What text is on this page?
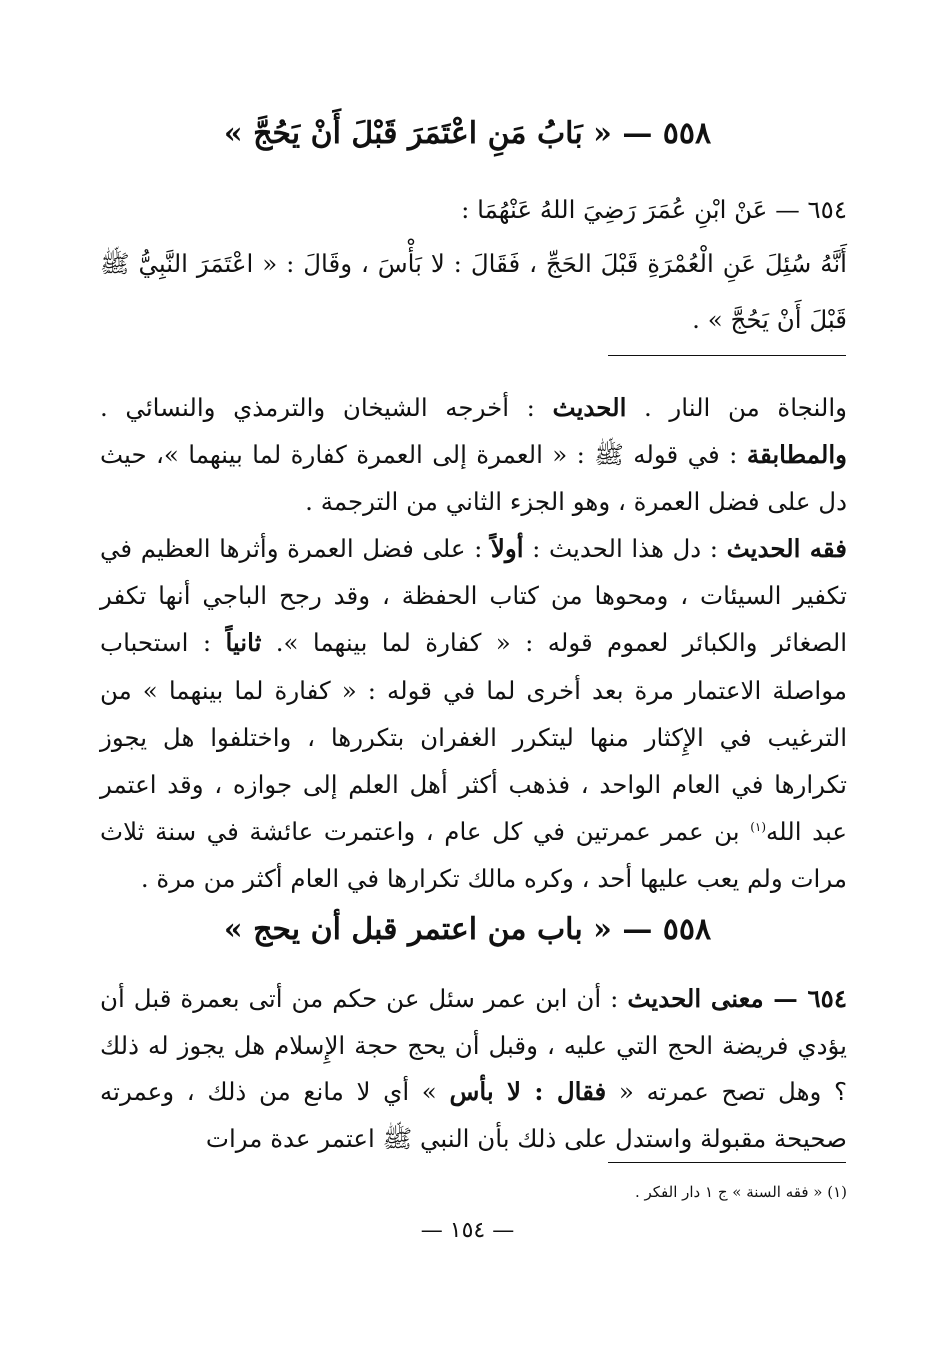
٥٥٨ — « بَابُ مَنِ اعْتَمَرَ قَبْلَ أَنْ يَحُجَّ »

٦٥٤ — عَنْ ابْنِ عُمَرَ رَضِيَ اللهُ عَنْهُمَا :

أَنَّهُ سُئِلَ عَنِ الْعُمْرَةِ قَبْلَ الحَجِّ ، فَقَالَ : لا بَأْسَ ، وقَالَ : « اعْتَمَرَ النَّبِيُّ ﷺ قَبْلَ أَنْ يَحُجَّ » .

والنجاة من النار . الحديث : أخرجه الشيخان والترمذي والنسائي . والمطابقة : في قوله ﷺ : « العمرة إلى العمرة كفارة لما بينهما »، حيث دل على فضل العمرة ، وهو الجزء الثاني من الترجمة .

فقه الحديث : دل هذا الحديث : أولاً : على فضل العمرة وأثرها العظيم في تكفير السيئات ، ومحوها من كتاب الحفظة ، وقد رجح الباجي أنها تكفر الصغائر والكبائر لعموم قوله : « كفارة لما بينهما ». ثانياً : استحباب مواصلة الاعتمار مرة بعد أخرى لما في قوله : « كفارة لما بينهما » من الترغيب في الإِكثار منها ليتكرر الغفران بتكررها ، واختلفوا هل يجوز تكرارها في العام الواحد ، فذهب أكثر أهل العلم إلى جوازه ، وقد اعتمر عبد الله$^{(١)}$ بن عمر عمرتين في كل عام ، واعتمرت عائشة في سنة ثلاث مرات ولم يعب عليها أحد ، وكره مالك تكرارها في العام أكثر من مرة .

٥٥٨ — « باب من اعتمر قبل أن يحج »

٦٥٤ — معنى الحديث : أن ابن عمر سئل عن حكم من أتى بعمرة قبل أن يؤدي فريضة الحج التي عليه ، وقبل أن يحج حجة الإِسلام هل يجوز له ذلك ؟ وهل تصح عمرته « فقال : لا بأس » أي لا مانع من ذلك ، وعمرته صحيحة مقبولة واستدل على ذلك بأن النبي ﷺ اعتمر عدة مرات

(١) « فقه السنة » ج ١ دار الفكر .

— ١٥٤ —
